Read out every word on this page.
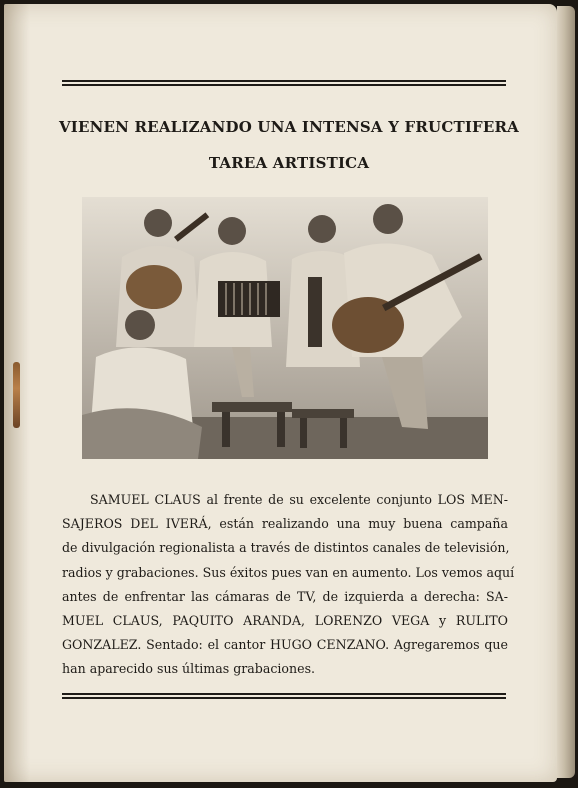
VIENEN REALIZANDO UNA INTENSA Y FRUCTIFERA
TAREA ARTISTICA

SAMUEL CLAUS al frente de su excelente conjunto LOS MEN-
SAJEROS DEL IVERÁ, están realizando una muy buena campaña
de divulgación regionalista a través de distintos canales de televisión,
radios y grabaciones. Sus éxitos pues van en aumento. Los vemos aquí
antes de enfrentar las cámaras de TV, de izquierda a derecha: SA-
MUEL CLAUS, PAQUITO ARANDA, LORENZO VEGA y RULITO
GONZALEZ. Sentado: el cantor HUGO CENZANO. Agregaremos que
han aparecido sus últimas grabaciones.
